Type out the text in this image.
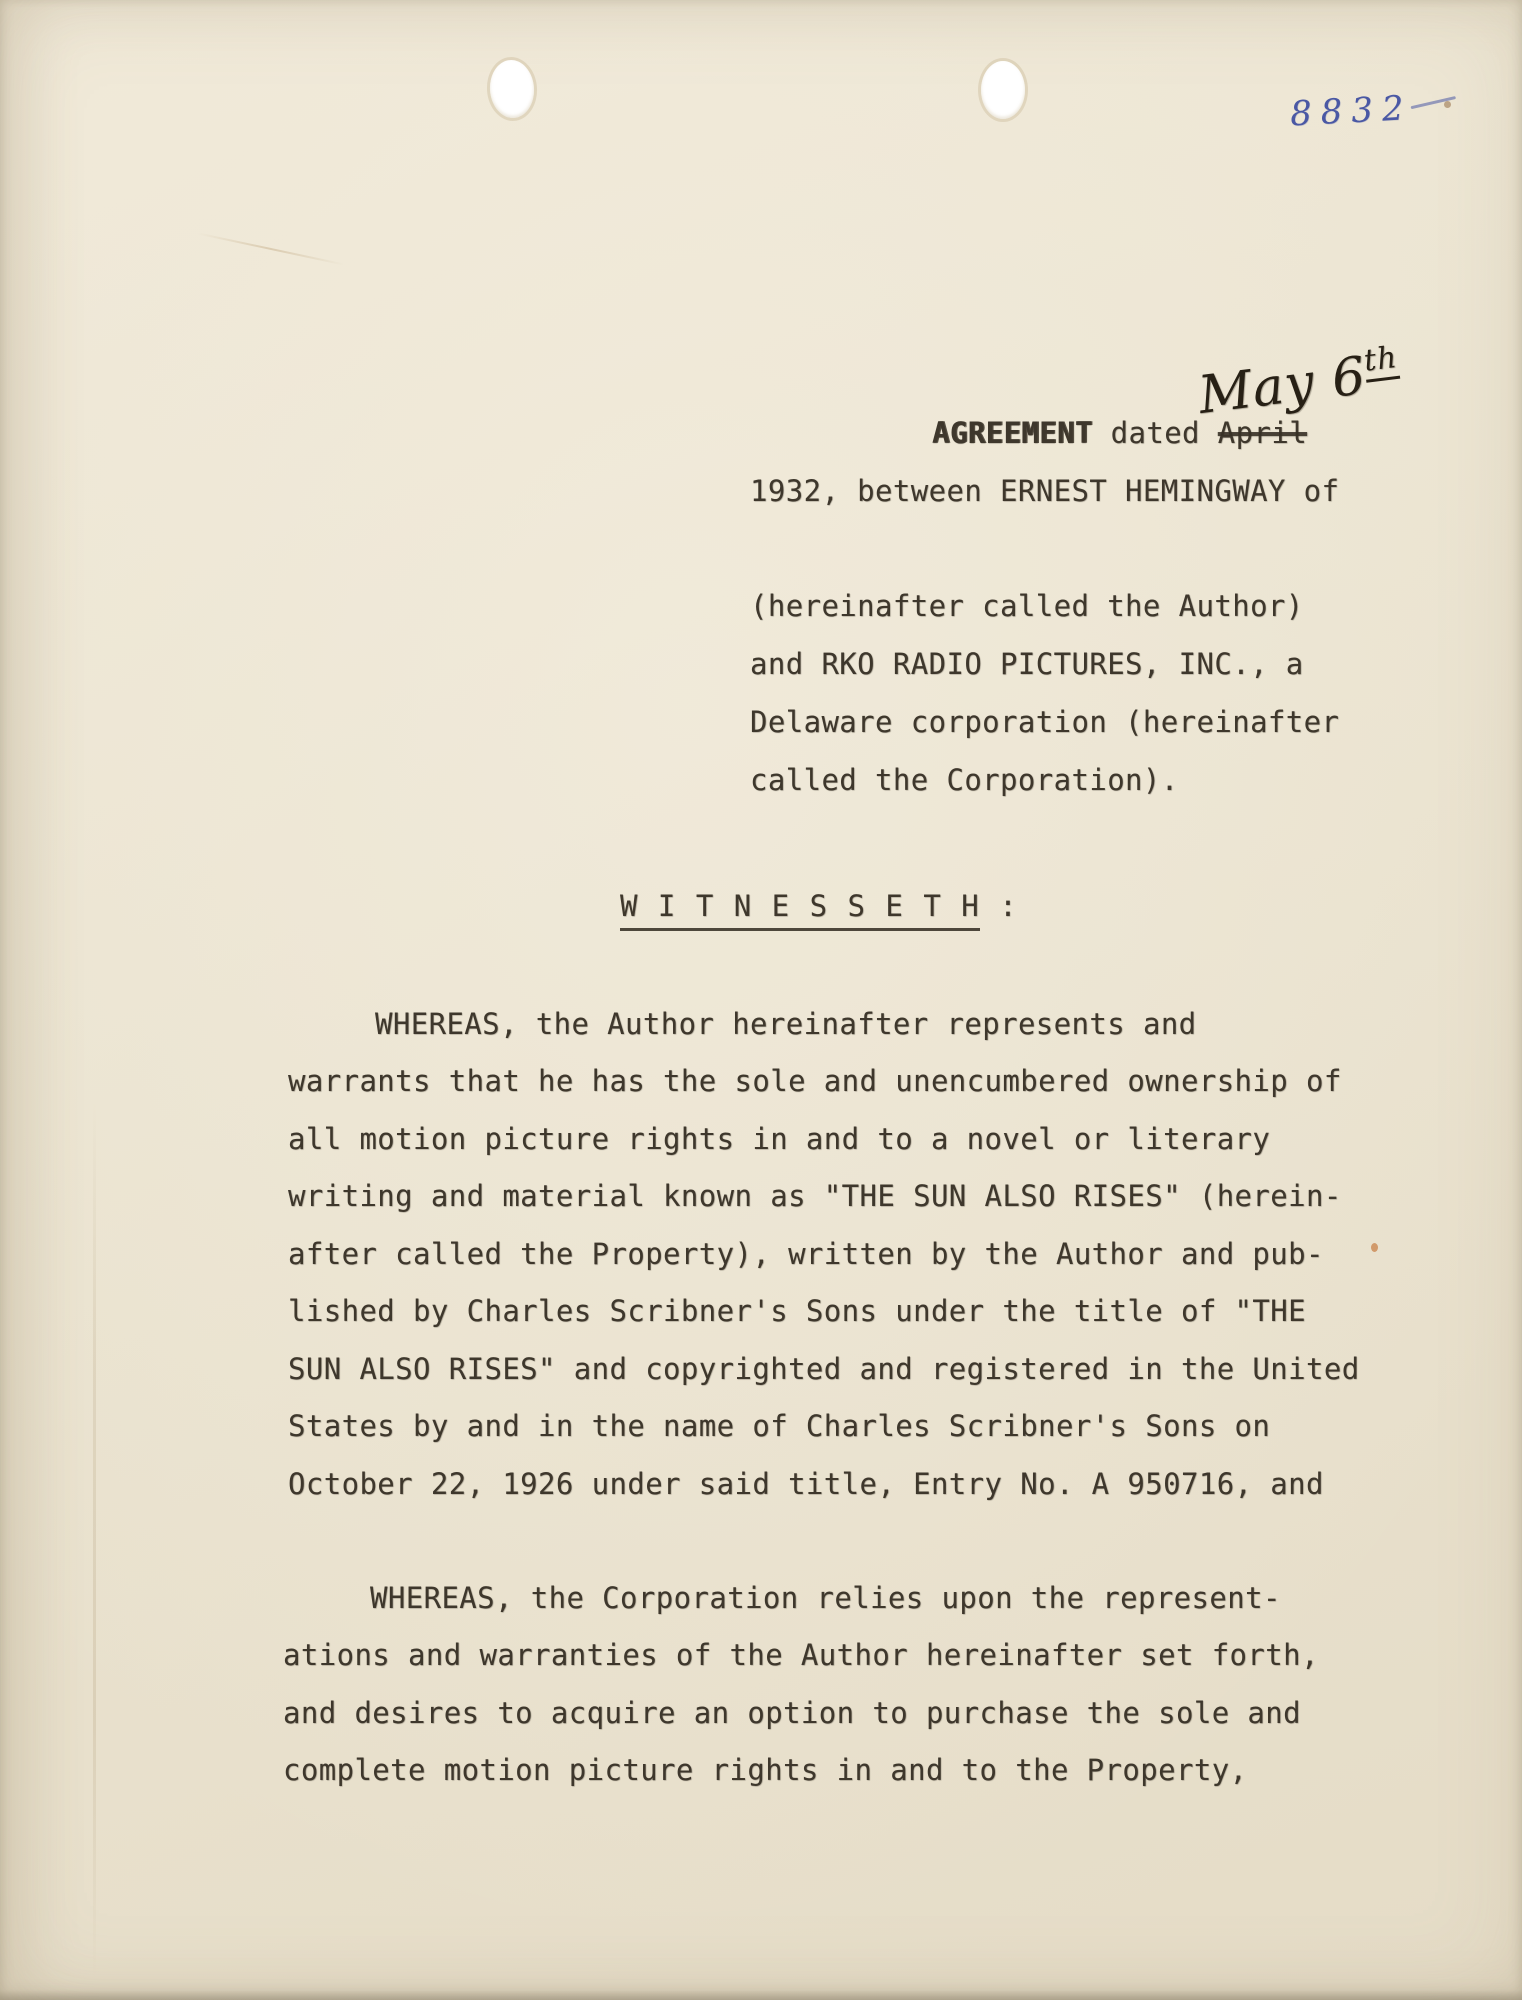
8832
AGREEMENT dated April
May 6th
1932, between ERNEST HEMINGWAY of
(hereinafter called the Author)
and RKO RADIO PICTURES, INC., a
Delaware corporation (hereinafter
called the Corporation).
W I T N E S S E T H :
WHEREAS, the Author hereinafter represents and
warrants that he has the sole and unencumbered ownership of
all motion picture rights in and to a novel or literary
writing and material known as "THE SUN ALSO RISES" (herein-
after called the Property), written by the Author and pub-
lished by Charles Scribner's Sons under the title of "THE
SUN ALSO RISES" and copyrighted and registered in the United
States by and in the name of Charles Scribner's Sons on
October 22, 1926 under said title, Entry No. A 950716, and
WHEREAS, the Corporation relies upon the represent-
ations and warranties of the Author hereinafter set forth,
and desires to acquire an option to purchase the sole and
complete motion picture rights in and to the Property,
